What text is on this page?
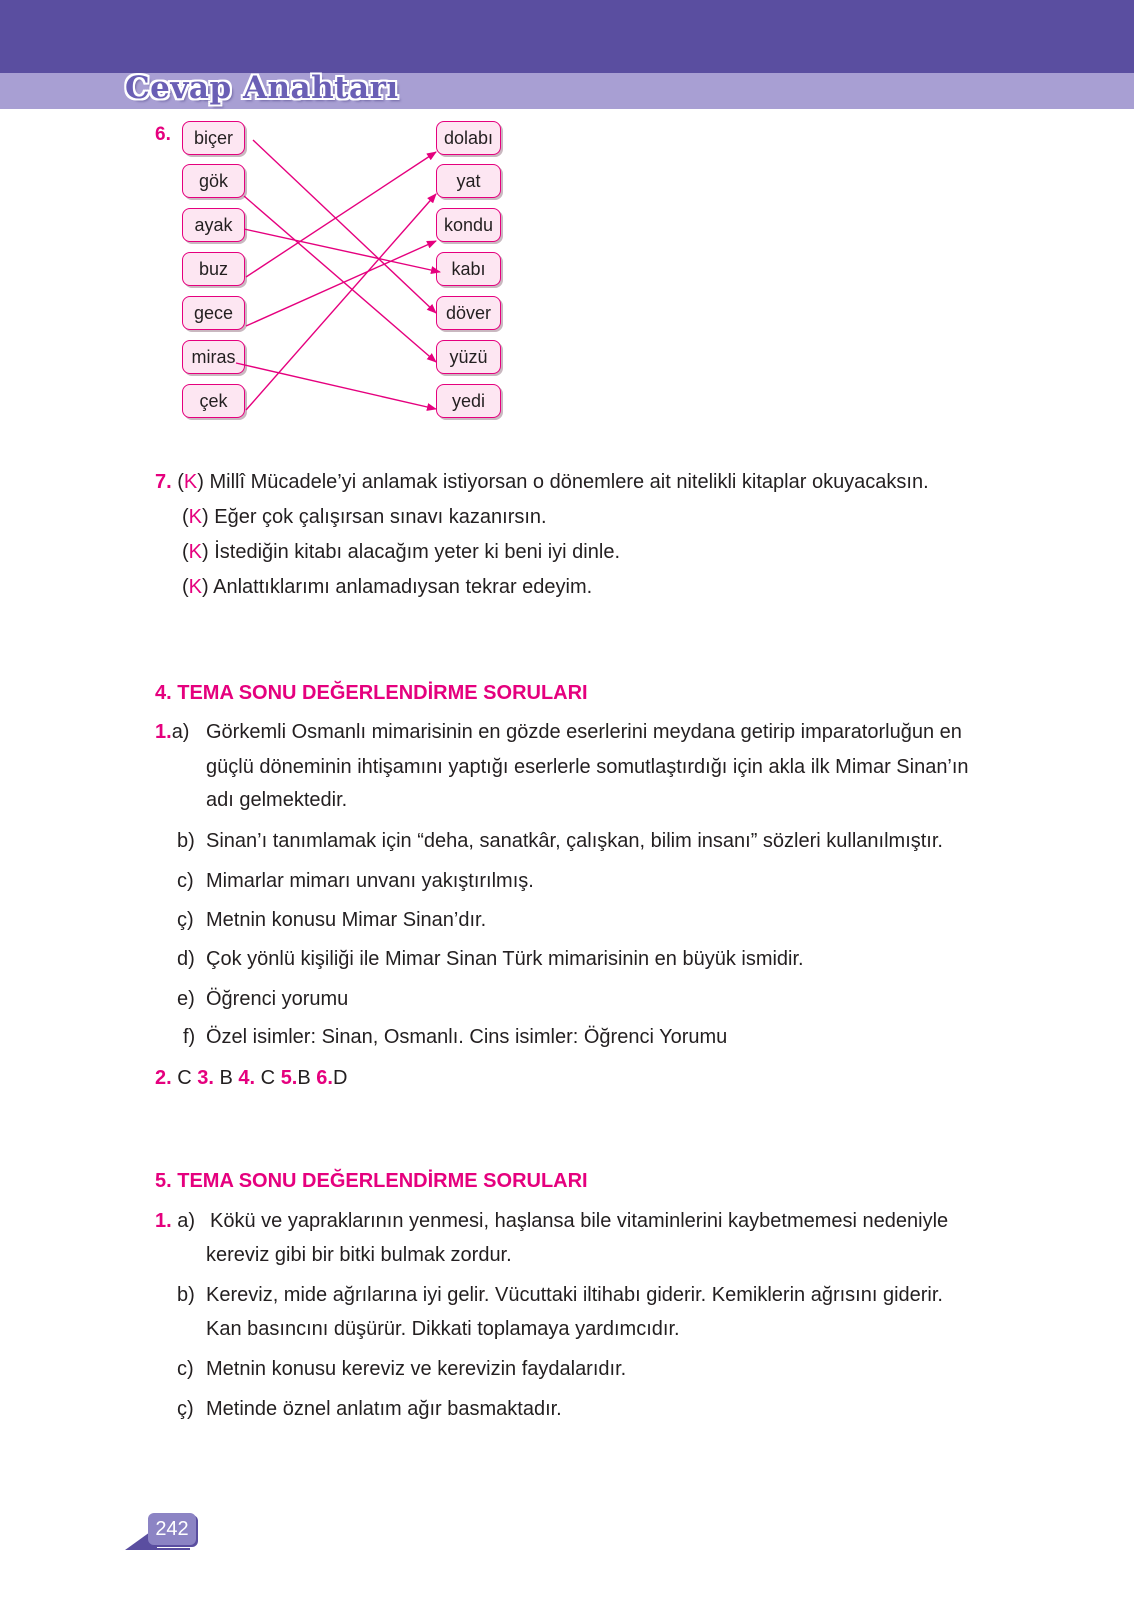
Cevap Anahtarı
6.	biçer
gök
ayak
buz
gece
miras
çek
dolabı
yat
kondu
kabı
döver
yüzü
yedi
7. (K) Millî Mücadele’yi anlamak istiyorsan o dönemlere ait nitelikli kitaplar okuyacaksın.
(K) Eğer çok çalışırsan sınavı kazanırsın.
(K) İstediğin kitabı alacağım yeter ki beni iyi dinle.
(K) Anlattıklarımı anlamadıysan tekrar edeyim.
4. TEMA SONU DEĞERLENDİRME SORULARI
1.a) Görkemli Osmanlı mimarisinin en gözde eserlerini meydana getirip imparatorluğun en
güçlü döneminin ihtişamını yaptığı eserlerle somutlaştırdığı için akla ilk Mimar Sinan’ın
adı gelmektedir.
b) Sinan’ı tanımlamak için “deha, sanatkâr, çalışkan, bilim insanı” sözleri kullanılmıştır.
c) Mimarlar mimarı unvanı yakıştırılmış.
ç) Metnin konusu Mimar Sinan’dır.
d) Çok yönlü kişiliği ile Mimar Sinan Türk mimarisinin en büyük ismidir.
e) Öğrenci yorumu
f) Özel isimler: Sinan, Osmanlı. Cins isimler: Öğrenci Yorumu
2. C 3. B 4. C 5.B 6.D
5. TEMA SONU DEĞERLENDİRME SORULARI
1. a) Kökü ve yapraklarının yenmesi, haşlansa bile vitaminlerini kaybetmemesi nedeniyle
kereviz gibi bir bitki bulmak zordur.
b) Kereviz, mide ağrılarına iyi gelir. Vücuttaki iltihabı giderir. Kemiklerin ağrısını giderir.
Kan basıncını düşürür. Dikkati toplamaya yardımcıdır.
c) Metnin konusu kereviz ve kerevizin faydalarıdır.
ç) Metinde öznel anlatım ağır basmaktadır.
242
